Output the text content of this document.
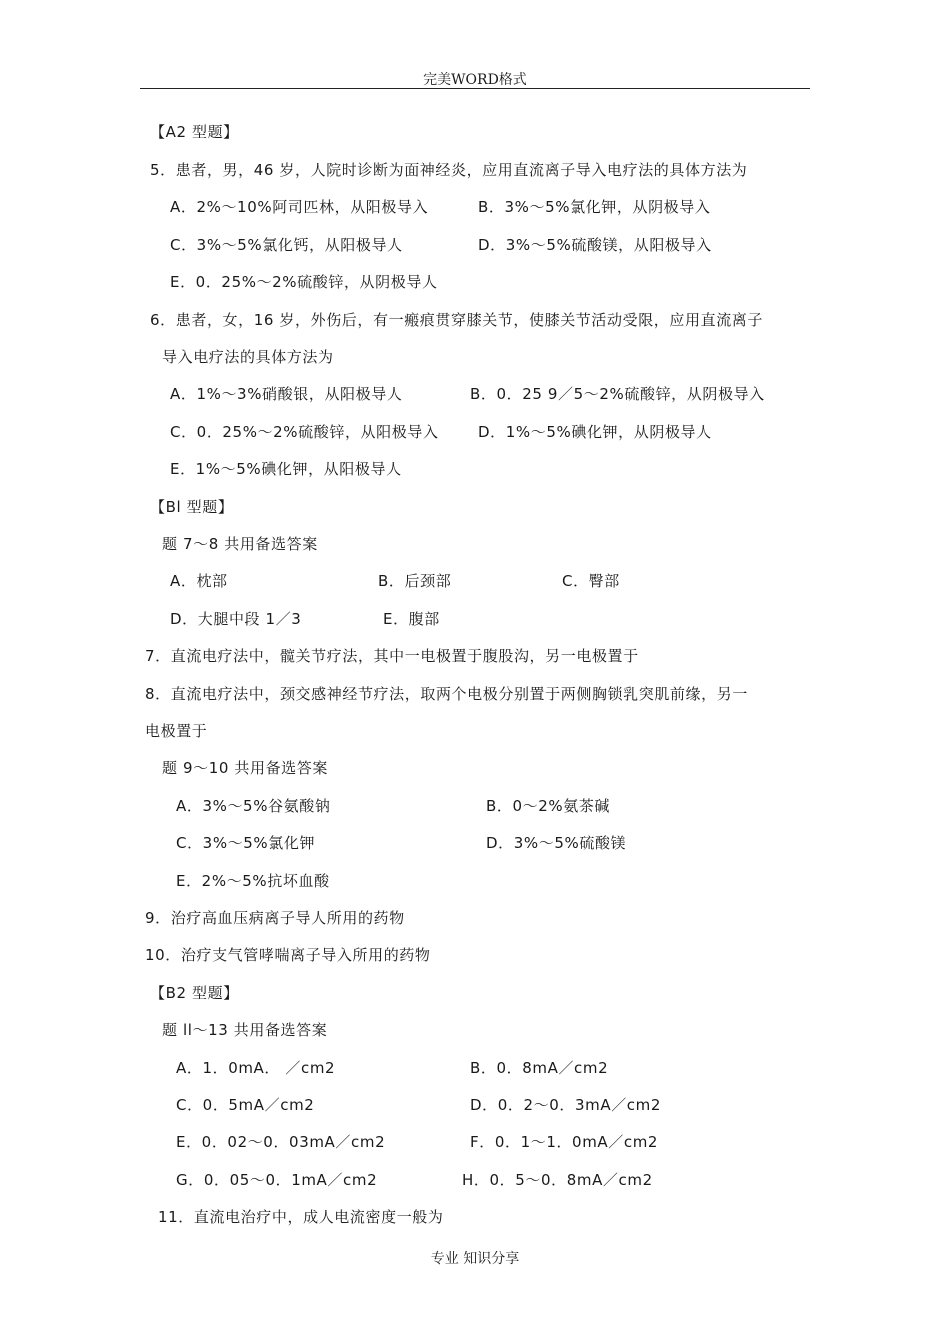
完美WORD格式
【A2 型题】
5．患者，男，46 岁，人院时诊断为面神经炎，应用直流离子导入电疗法的具体方法为
A．2%～10%阿司匹林，从阳极导入	B．3%～5%氯化钾，从阴极导入
C．3%～5%氯化钙，从阳极导人	D．3%～5%硫酸镁，从阳极导入
E．0．25%～2%硫酸锌，从阴极导人
6．患者，女，16 岁，外伤后，有一瘢痕贯穿膝关节，使膝关节活动受限，应用直流离子
导入电疗法的具体方法为
A．1%～3%硝酸银，从阳极导人	B．0．25 9／5～2%硫酸锌，从阴极导入
C．0．25%～2%硫酸锌，从阳极导入	D．1%～5%碘化钾，从阴极导人
E．1%～5%碘化钾，从阳极导人
【Bl 型题】
题 7～8 共用备选答案
A．枕部	B．后颈部	C．臀部
D．大腿中段 1／3	E．腹部
7．直流电疗法中，髋关节疗法，其中一电极置于腹股沟，另一电极置于
8．直流电疗法中，颈交感神经节疗法，取两个电极分别置于两侧胸锁乳突肌前缘，另一
电极置于
题 9～10 共用备选答案
A．3%～5%谷氨酸钠	B．0～2%氨茶碱
C．3%～5%氯化钾	D．3%～5%硫酸镁
E．2%～5%抗坏血酸
9．治疗高血压病离子导人所用的药物
10．治疗支气管哮喘离子导入所用的药物
【B2 型题】
题 ll～13 共用备选答案
A．1．0mA． ／cm2	B．0．8mA／cm2
C．0．5mA／cm2	D．0．2～0．3mA／cm2
E．0．02～0．03mA／cm2	F．0．1～1．0mA／cm2
G．0．05～0．1mA／cm2	H．0．5～0．8mA／cm2
11．直流电治疗中，成人电流密度一般为
专业 知识分享
